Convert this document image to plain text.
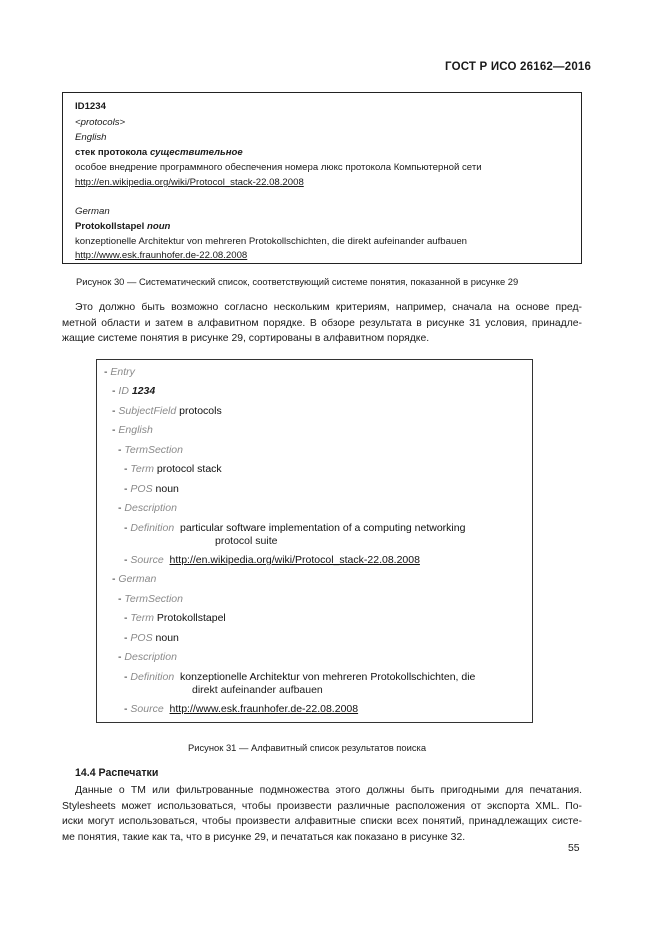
ГОСТ Р ИСО 26162—2016
ID1234
<protocols>
English
стек протокола существительное
особое внедрение программного обеспечения номера люкс протокола Компьютерной сети
http://en.wikipedia.org/wiki/Protocol_stack-22.08.2008
German
Protokollstapel noun
konzeptionelle Architektur von mehreren Protokollschichten, die direkt aufeinander aufbauen
http://www.esk.fraunhofer.de-22.08.2008
Рисунок 30 — Систематический список, соответствующий системе понятия, показанной в рисунке 29
Это должно быть возможно согласно нескольким критериям, например, сначала на основе пред-
метной области и затем в алфавитном порядке. В обзоре результата в рисунке 31 условия, принадле-
жащие системе понятия в рисунке 29, сортированы в алфавитном порядке.
- Entry
- ID 1234
- SubjectField protocols
- English
- TermSection
- Term protocol stack
- POS noun
- Description
- Definition particular software implementation of a computing networking
protocol suite
- Source http://en.wikipedia.org/wiki/Protocol_stack-22.08.2008
- German
- TermSection
- Term Protokollstapel
- POS noun
- Description
- Definition konzeptionelle Architektur von mehreren Protokollschichten, die
direkt aufeinander aufbauen
- Source http://www.esk.fraunhofer.de-22.08.2008
Рисунок 31 — Алфавитный список результатов поиска
14.4 Распечатки
Данные о ТМ или фильтрованные подмножества этого должны быть пригодными для печатания.
Stylesheets может использоваться, чтобы произвести различные расположения от экспорта XML. По-
иски могут использоваться, чтобы произвести алфавитные списки всех понятий, принадлежащих систе-
ме понятия, такие как та, что в рисунке 29, и печататься как показано в рисунке 32.
55
